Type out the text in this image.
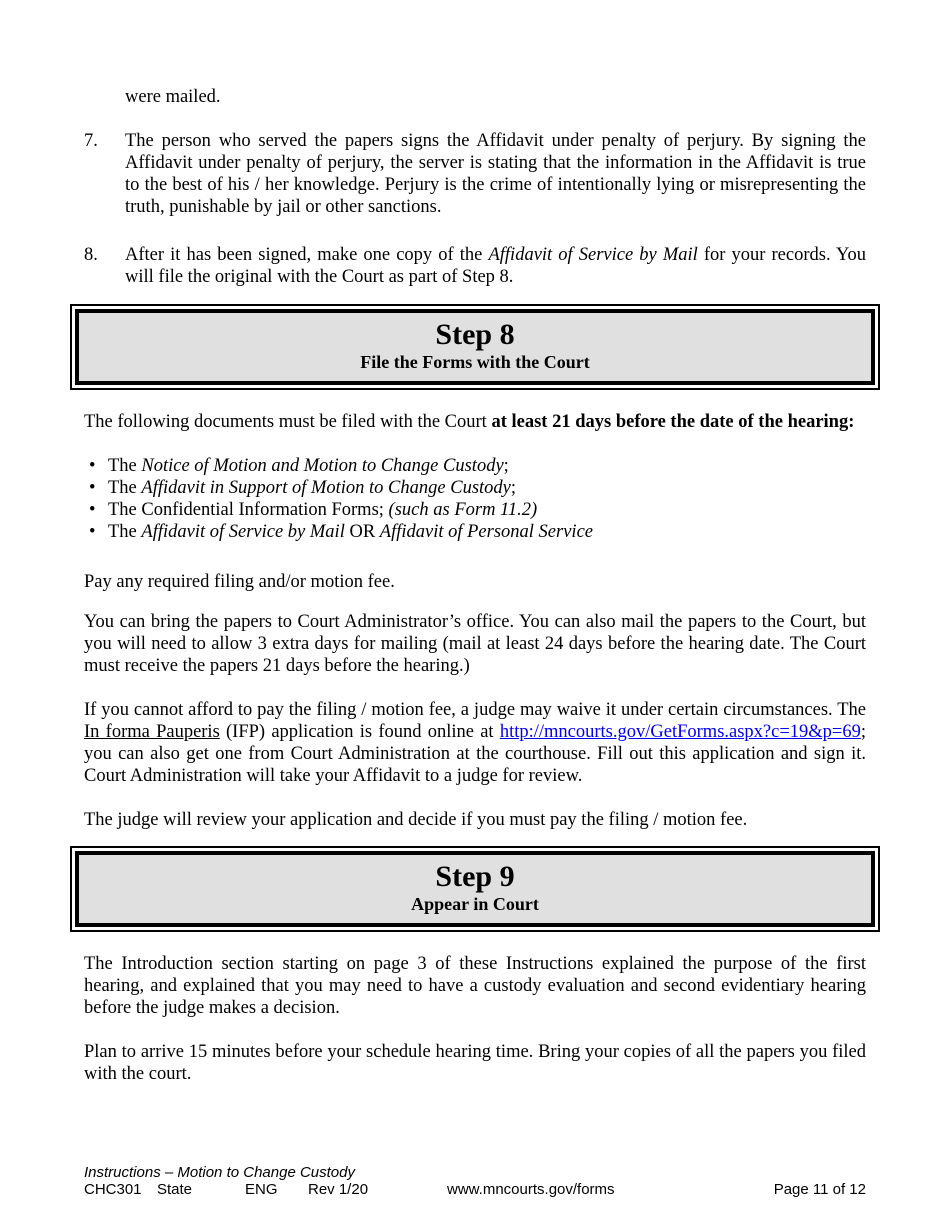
were mailed.

7.	The person who served the papers signs the Affidavit under penalty of perjury. By signing the Affidavit under penalty of perjury, the server is stating that the information in the Affidavit is true to the best of his / her knowledge. Perjury is the crime of intentionally lying or misrepresenting the truth, punishable by jail or other sanctions.

8.	After it has been signed, make one copy of the Affidavit of Service by Mail for your records. You will file the original with the Court as part of Step 8.

Step 8
File the Forms with the Court

The following documents must be filed with the Court at least 21 days before the date of the hearing:

• The Notice of Motion and Motion to Change Custody;

• The Affidavit in Support of Motion to Change Custody;

• The Confidential Information Forms; (such as Form 11.2)

• The Affidavit of Service by Mail OR Affidavit of Personal Service

Pay any required filing and/or motion fee.

You can bring the papers to Court Administrator’s office. You can also mail the papers to the Court, but you will need to allow 3 extra days for mailing (mail at least 24 days before the hearing date. The Court must receive the papers 21 days before the hearing.)

If you cannot afford to pay the filing / motion fee, a judge may waive it under certain circumstances. The In forma Pauperis (IFP) application is found online at http://mncourts.gov/GetForms.aspx?c=19&p=69; you can also get one from Court Administration at the courthouse. Fill out this application and sign it. Court Administration will take your Affidavit to a judge for review.

The judge will review your application and decide if you must pay the filing / motion fee.

Step 9
Appear in Court

The Introduction section starting on page 3 of these Instructions explained the purpose of the first hearing, and explained that you may need to have a custody evaluation and second evidentiary hearing before the judge makes a decision.

Plan to arrive 15 minutes before your schedule hearing time. Bring your copies of all the papers you filed with the court.

Instructions – Motion to Change Custody
CHC301 State	ENG Rev 1/20	www.mncourts.gov/forms	Page 11 of 12
